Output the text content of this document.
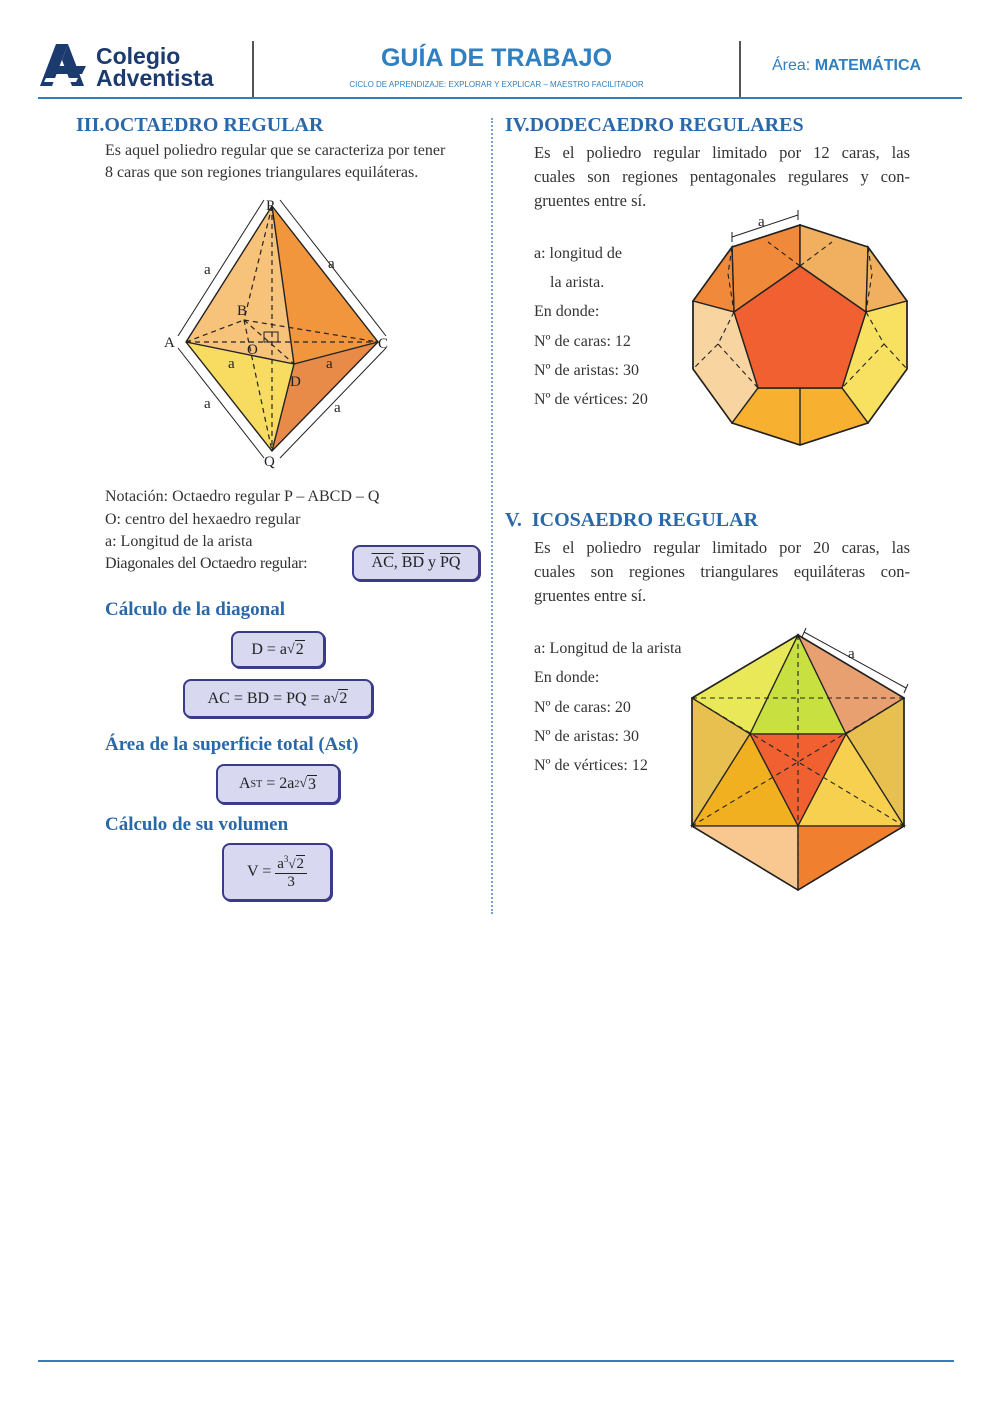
Colegio
Adventista
GUÍA DE TRABAJO
CICLO DE APRENDIZAJE: EXPLORAR Y EXPLICAR – MAESTRO FACILITADOR
Área: MATEMÁTICA
III.OCTAEDRO REGULAR
Es aquel poliedro regular que se caracteriza por tener
8 caras que son regiones triangulares equiláteras.
P
Q
A
B
C
D
O
a	a
a	a
a	a
Notación: Octaedro regular P – ABCD – Q
O: centro del hexaedro regular
a: Longitud de la arista
Diagonales del Octaedro regular:	$\overline{AC}$ , $\overline{BD}$
y
$\overline{PQ}$
Cálculo de la diagonal
D = a √ 2
AC = BD = PQ = a √ 2
Área de la superficie total (Ast)
A ST
= 2a 2 √ 3
Cálculo de su volumen
V =
$\frac{a^3√2}{3}$
IV.DODECAEDRO REGULARES
Es el poliedro regular limitado por 12 caras, las
cuales son regiones pentagonales regulares y con-
gruentes entre sí.
a: longitud de
la arista.
En donde:
Nº de caras: 12
Nº de aristas: 30
Nº de vértices: 20
a
V.  ICOSAEDRO REGULAR
Es el poliedro regular limitado por 20 caras, las
cuales son regiones triangulares equiláteras con-
gruentes entre sí.
a: Longitud de la arista
En donde:
Nº de caras: 20
Nº de aristas: 30
Nº de vértices: 12
a
